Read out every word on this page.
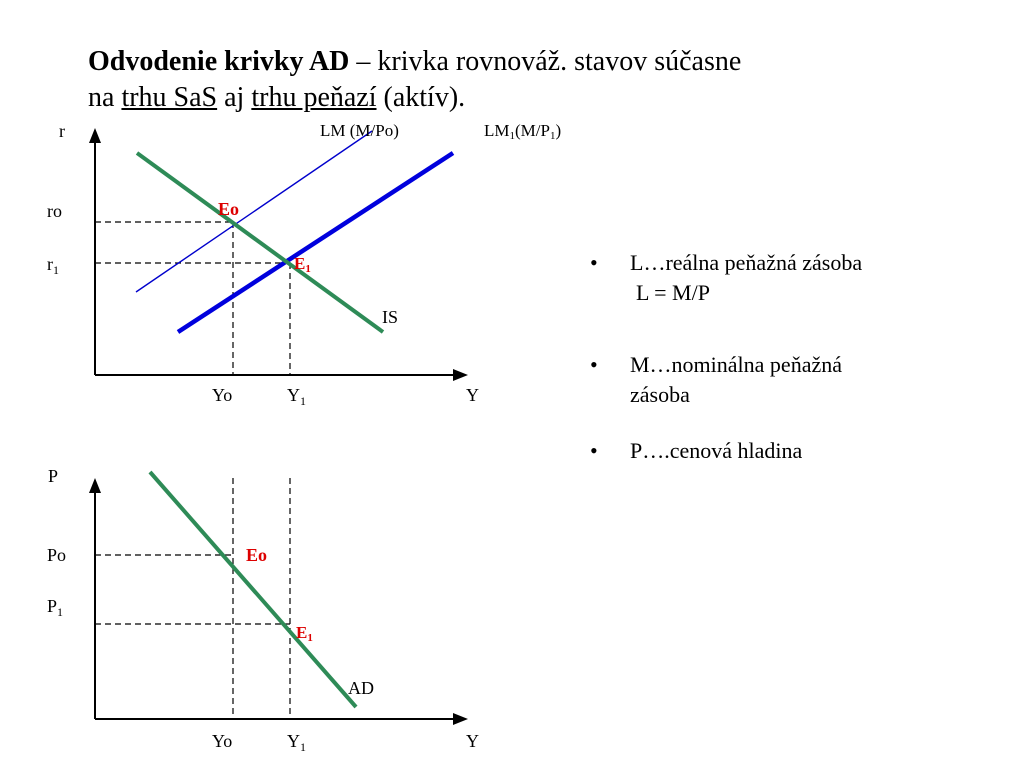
Odvodenie krivky AD – krivka rovnováž. stavov súčasne
na trhu SaS aj trhu peňazí (aktív).
r
Y
ro
$r_1$
Yo	$Y_1$
LM (M/Po)	LM1(M/P1)
IS
Eo
E1
P
Y
Po
$P_1$
Yo	$Y_1$
AD
Eo
E1
• L…reálna peňažná zásoba
L = M/P
• M…nominálna peňažná
zásoba
• P….cenová hladina
